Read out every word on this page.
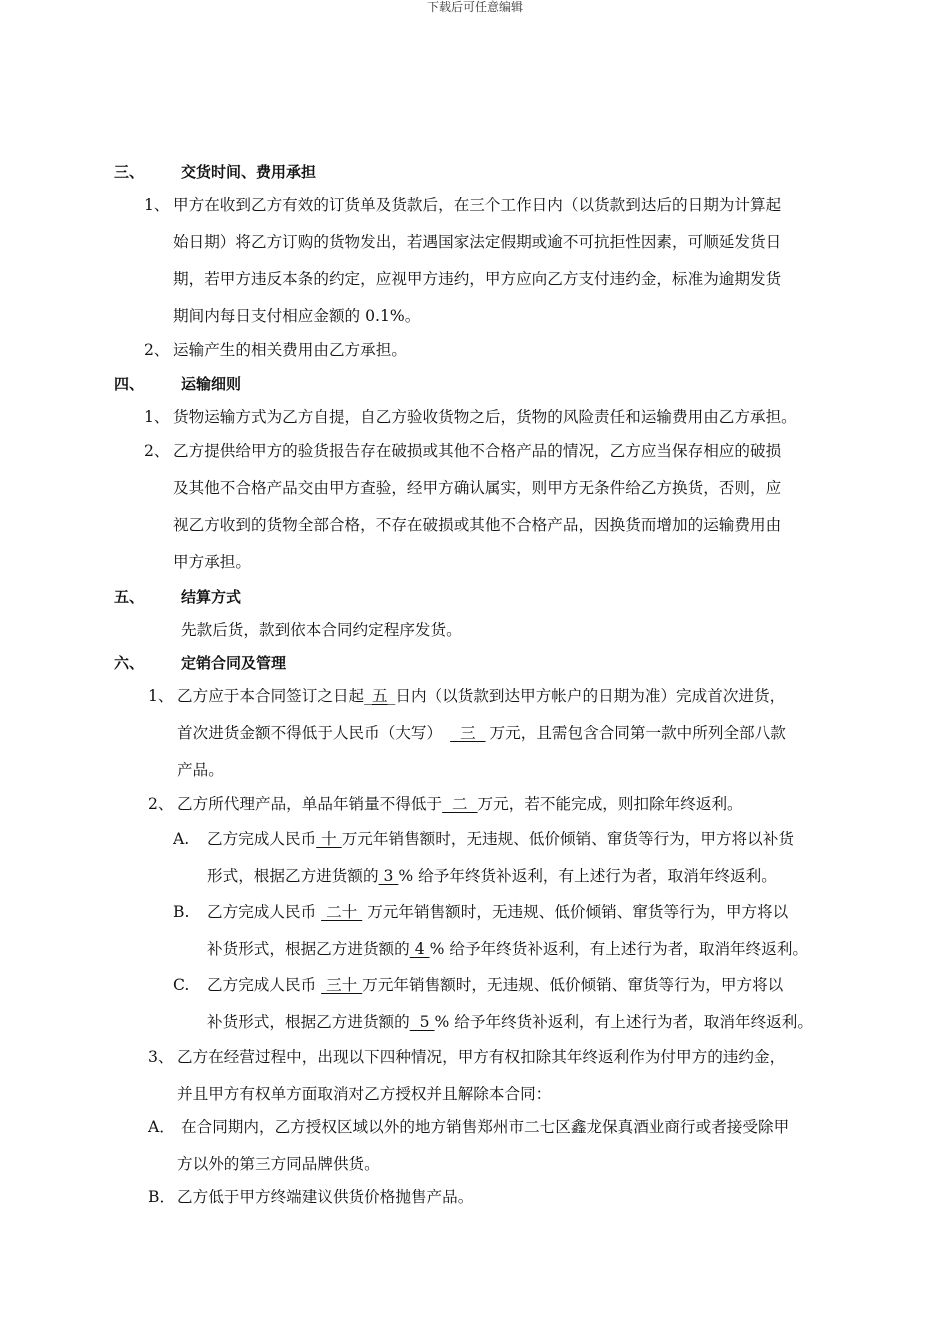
下载后可任意编辑
三、 交货时间、费用承担
1、 甲方在收到乙方有效的订货单及货款后，在三个工作日内（以货款到达后的日期为计算起
始日期）将乙方订购的货物发出，若遇国家法定假期或逾不可抗拒性因素，可顺延发货日
期，若甲方违反本条的约定，应视甲方违约，甲方应向乙方支付违约金，标准为逾期发货
期间内每日支付相应金额的 0.1%。
2、 运输产生的相关费用由乙方承担。
四、 运输细则
1、 货物运输方式为乙方自提，自乙方验收货物之后，货物的风险责任和运输费用由乙方承担。
2、 乙方提供给甲方的验货报告存在破损或其他不合格产品的情况，乙方应当保存相应的破损
及其他不合格产品交由甲方查验，经甲方确认属实，则甲方无条件给乙方换货，否则，应
视乙方收到的货物全部合格，不存在破损或其他不合格产品，因换货而增加的运输费用由
甲方承担。
五、 结算方式
先款后货，款到依本合同约定程序发货。
六、 定销合同及管理
1、 乙方应于本合同签订之日起_五_日内（以货款到达甲方帐户的日期为准）完成首次进货，
首次进货金额不得低于人民币（大写）  三  万元，且需包含合同第一款中所列全部八款
产品。
2、 乙方所代理产品，单品年销量不得低于  二  万元，若不能完成，则扣除年终返利。
A. 乙方完成人民币 十 万元年销售额时，无违规、低价倾销、窜货等行为，甲方将以补货
形式，根据乙方进货额的 3 % 给予年终货补返利，有上述行为者，取消年终返利。
B. 乙方完成人民币  二十  万元年销售额时，无违规、低价倾销、窜货等行为，甲方将以
补货形式，根据乙方进货额的 4 % 给予年终货补返利，有上述行为者，取消年终返利。
C. 乙方完成人民币  三十 万元年销售额时，无违规、低价倾销、窜货等行为，甲方将以
补货形式，根据乙方进货额的  5 % 给予年终货补返利，有上述行为者，取消年终返利。
3、 乙方在经营过程中，出现以下四种情况，甲方有权扣除其年终返利作为付甲方的违约金，
并且甲方有权单方面取消对乙方授权并且解除本合同：
A． 在合同期内，乙方授权区域以外的地方销售郑州市二七区鑫龙保真酒业商行或者接受除甲
方以外的第三方同品牌供货。
B． 乙方低于甲方终端建议供货价格抛售产品。
